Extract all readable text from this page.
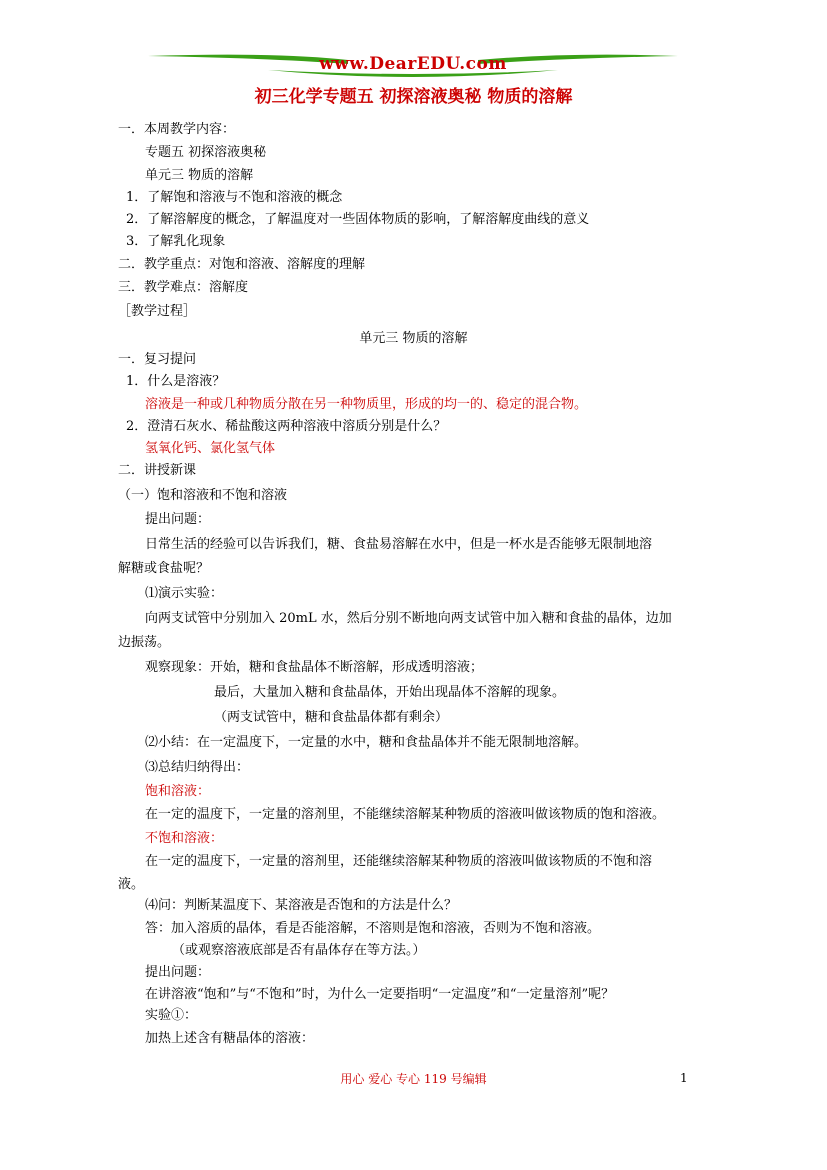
www.DearEDU.com
初三化学专题五 初探溶液奥秘 物质的溶解
一．本周教学内容：
专题五 初探溶液奥秘
单元三 物质的溶解
1．了解饱和溶液与不饱和溶液的概念
2．了解溶解度的概念，了解温度对一些固体物质的影响，了解溶解度曲线的意义
3．了解乳化现象
二．教学重点：对饱和溶液、溶解度的理解
三．教学难点：溶解度
［教学过程］
单元三 物质的溶解
一．复习提问
1．什么是溶液？
溶液是一种或几种物质分散在另一种物质里，形成的均一的、稳定的混合物。
2．澄清石灰水、稀盐酸这两种溶液中溶质分别是什么？
氢氧化钙、氯化氢气体
二．讲授新课
（一）饱和溶液和不饱和溶液
提出问题：
日常生活的经验可以告诉我们，糖、食盐易溶解在水中，但是一杯水是否能够无限制地溶
解糖或食盐呢？
⑴演示实验：
向两支试管中分别加入 20mL 水，然后分别不断地向两支试管中加入糖和食盐的晶体，边加
边振荡。
观察现象：开始，糖和食盐晶体不断溶解，形成透明溶液；
最后，大量加入糖和食盐晶体，开始出现晶体不溶解的现象。
（两支试管中，糖和食盐晶体都有剩余）
⑵小结：在一定温度下，一定量的水中，糖和食盐晶体并不能无限制地溶解。
⑶总结归纳得出：
饱和溶液：
在一定的温度下，一定量的溶剂里，不能继续溶解某种物质的溶液叫做该物质的饱和溶液。
不饱和溶液：
在一定的温度下，一定量的溶剂里，还能继续溶解某种物质的溶液叫做该物质的不饱和溶
液。
⑷问：判断某温度下、某溶液是否饱和的方法是什么？
答：加入溶质的晶体，看是否能溶解，不溶则是饱和溶液，否则为不饱和溶液。
（或观察溶液底部是否有晶体存在等方法。）
提出问题：
在讲溶液“饱和”与“不饱和”时，为什么一定要指明“一定温度”和“一定量溶剂”呢？
实验①：
加热上述含有糖晶体的溶液：
用心 爱心 专心 119 号编辑	1
